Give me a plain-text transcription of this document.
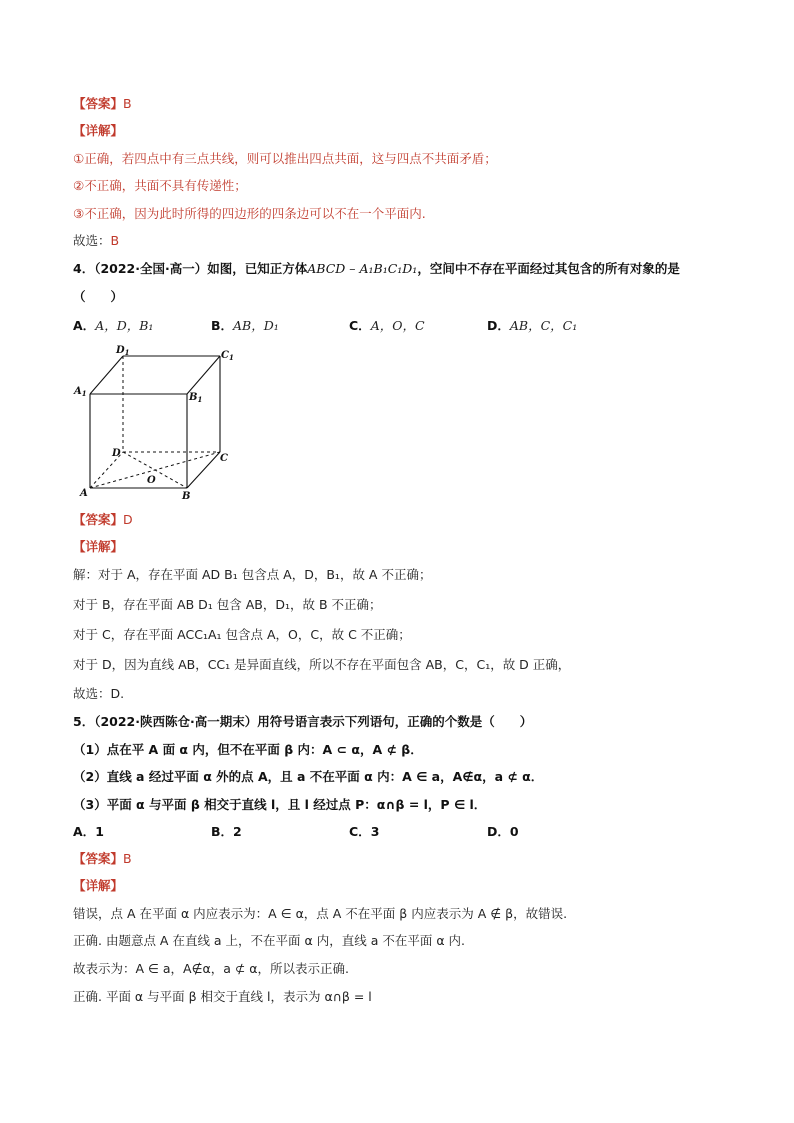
【答案】B
【详解】
①正确，若四点中有三点共线，则可以推出四点共面，这与四点不共面矛盾；
②不正确，共面不具有传递性；
③不正确，因为此时所得的四边形的四条边可以不在一个平面内.
故选：B
4．（2022·全国·高一）如图，已知正方体ABCD – A₁B₁C₁D₁，空间中不存在平面经过其包含的所有对象的是
（　　）
A．A，D，B₁	B．AB，D₁	C．A，O，C	D．AB，C，C₁
$D_1$	$C_1$
$A_1$	$B_1$
D	C
O
A	B
【答案】D
【详解】
解：对于 A，存在平面 AD B₁ 包含点 A，D，B₁，故 A 不正确；
对于 B，存在平面 AB D₁ 包含 AB，D₁，故 B 不正确；
对于 C，存在平面 ACC₁A₁ 包含点 A，O，C，故 C 不正确；
对于 D，因为直线 AB，CC₁ 是异面直线，所以不存在平面包含 AB，C，C₁，故 D 正确，
故选：D.
5．（2022·陕西陈仓·高一期末）用符号语言表示下列语句，正确的个数是（　　）
（1）点在平 A 面 α 内，但不在平面 β 内：A ⊂ α，A ⊄ β．
（2）直线 a 经过平面 α 外的点 A，且 a 不在平面 α 内：A ∈ a，A∉α，a ⊄ α．
（3）平面 α 与平面 β 相交于直线 l，且 l 经过点 P：α∩β = l，P ∈ l．
A．1	B．2	C．3	D．0
【答案】B
【详解】
错误，点 A 在平面 α 内应表示为：A ∈ α，点 A 不在平面 β 内应表示为 A ∉ β，故错误.
正确. 由题意点 A 在直线 a 上，不在平面 α 内，直线 a 不在平面 α 内.
故表示为：A ∈ a，A∉α，a ⊄ α，所以表示正确.
正确. 平面 α 与平面 β 相交于直线 l，表示为 α∩β = l
